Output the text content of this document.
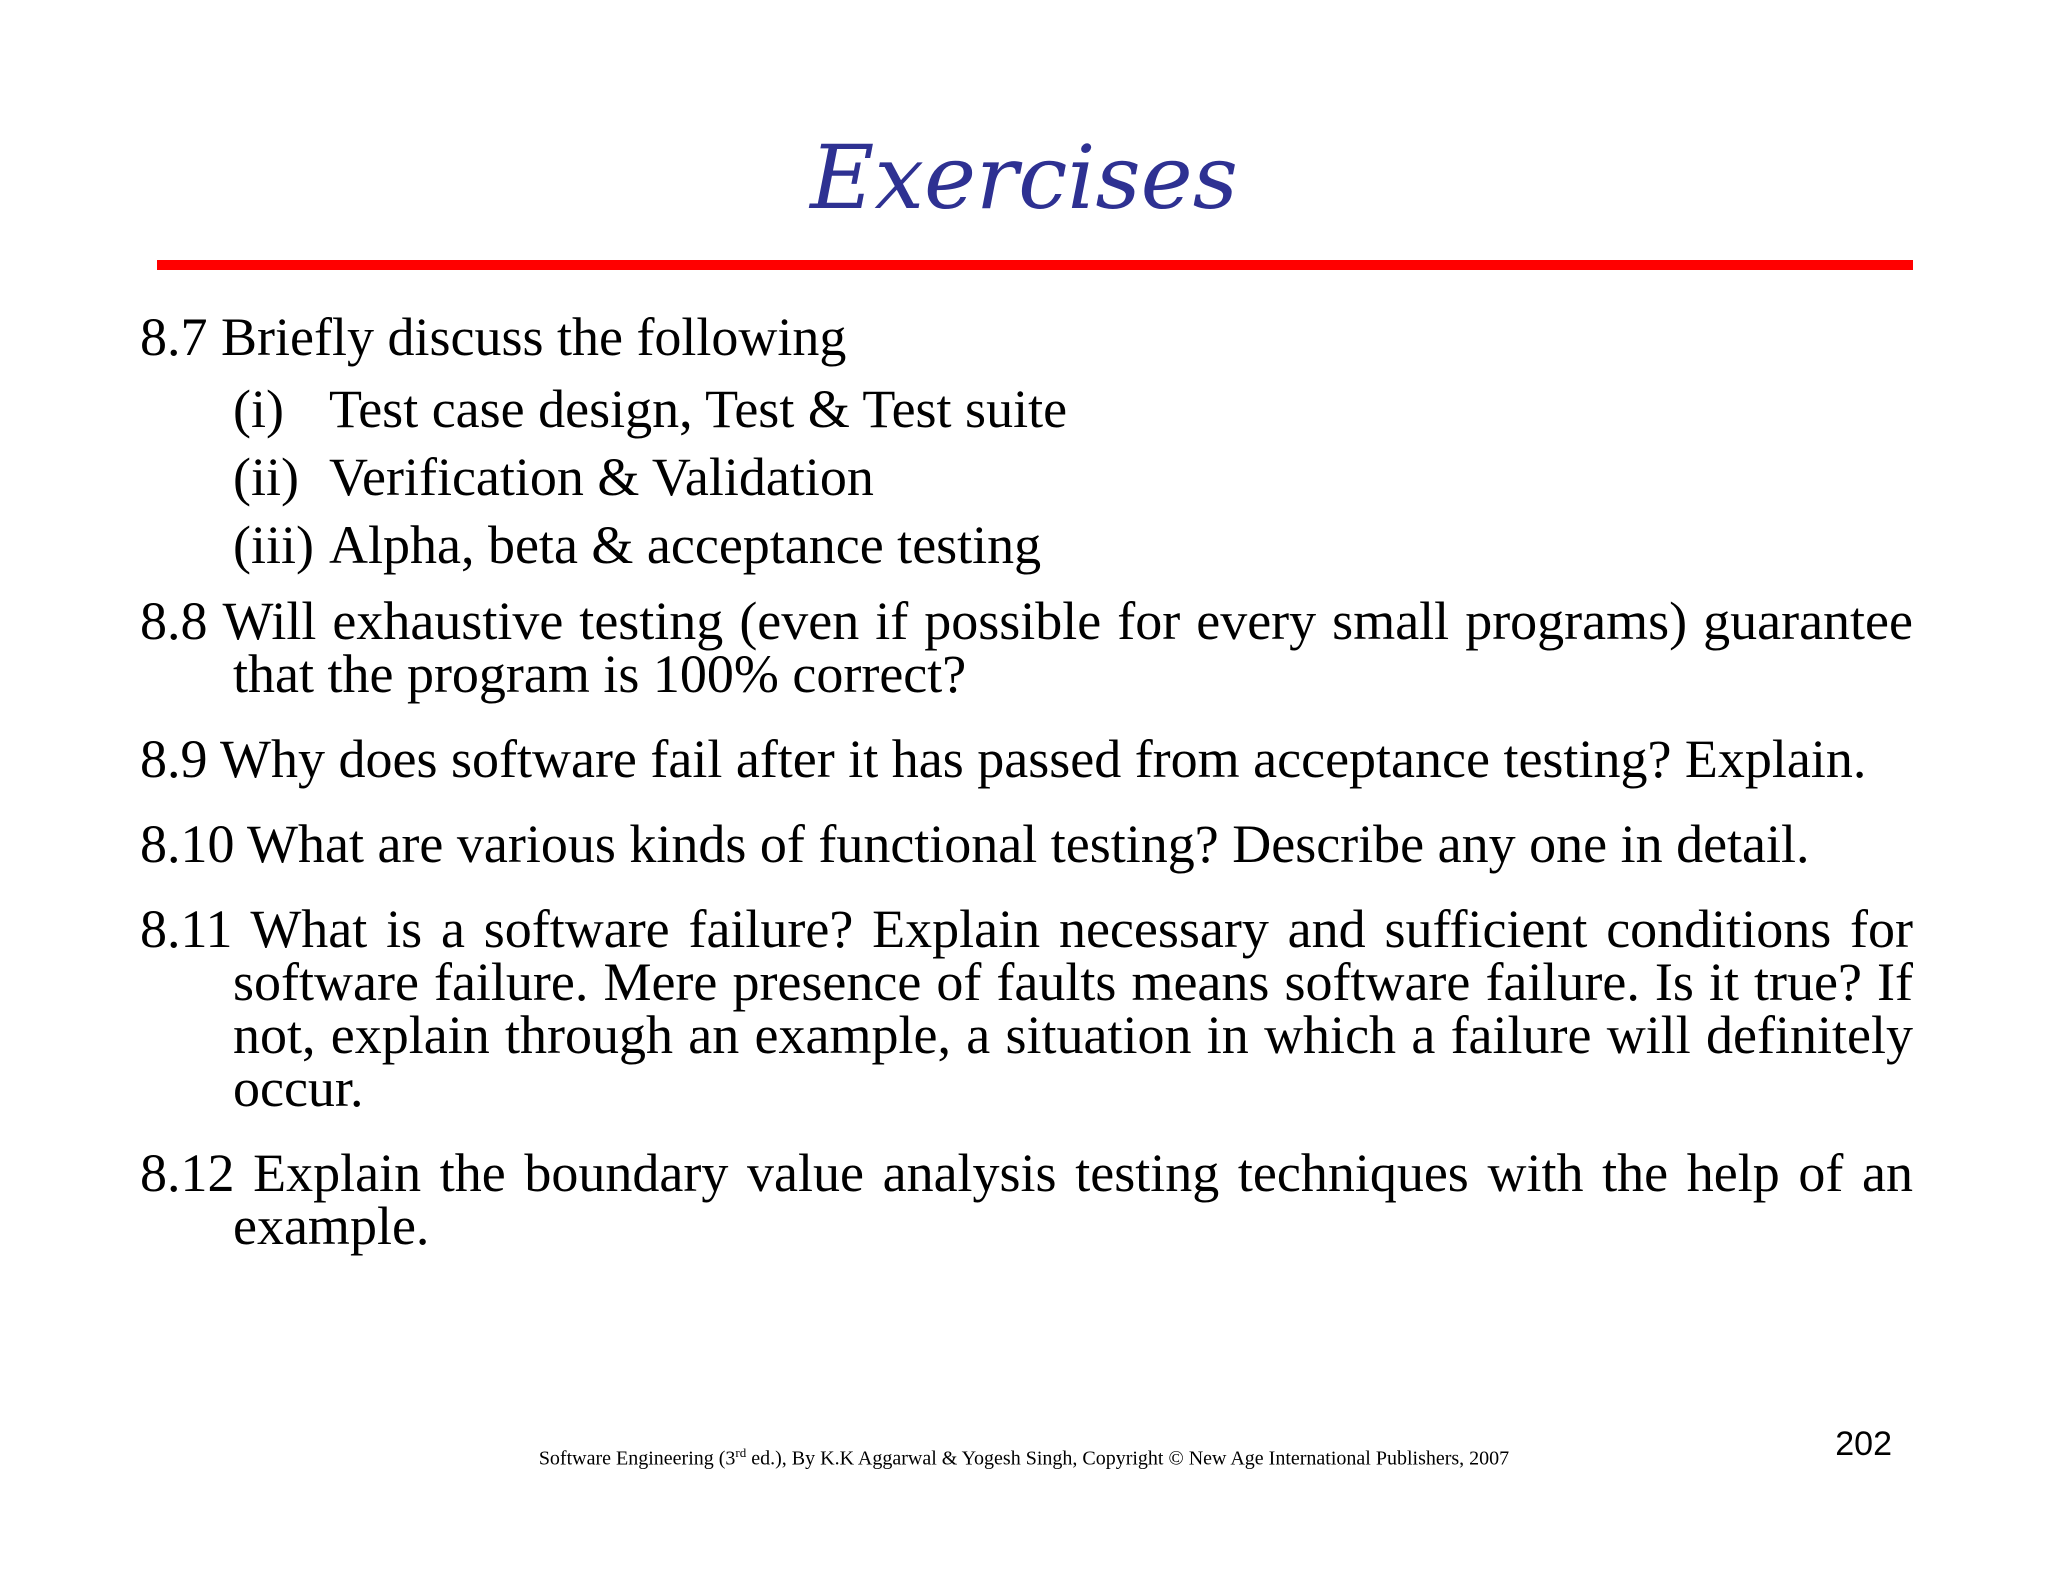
Exercises

8.7 Briefly discuss the following

(i) Test case design, Test & Test suite
(ii) Verification & Validation
(iii) Alpha, beta & acceptance testing

8.8 Will exhaustive testing (even if possible for every small programs) guarantee that the program is 100% correct?

8.9 Why does software fail after it has passed from acceptance testing? Explain.

8.10 What are various kinds of functional testing? Describe any one in detail.

8.11 What is a software failure? Explain necessary and sufficient conditions for software failure. Mere presence of faults means software failure. Is it true? If not, explain through an example, a situation in which a failure will definitely occur.

8.12 Explain the boundary value analysis testing techniques with the help of an example.

Software Engineering (3rd ed.), By K.K Aggarwal & Yogesh Singh, Copyright © New Age International Publishers, 2007	202
